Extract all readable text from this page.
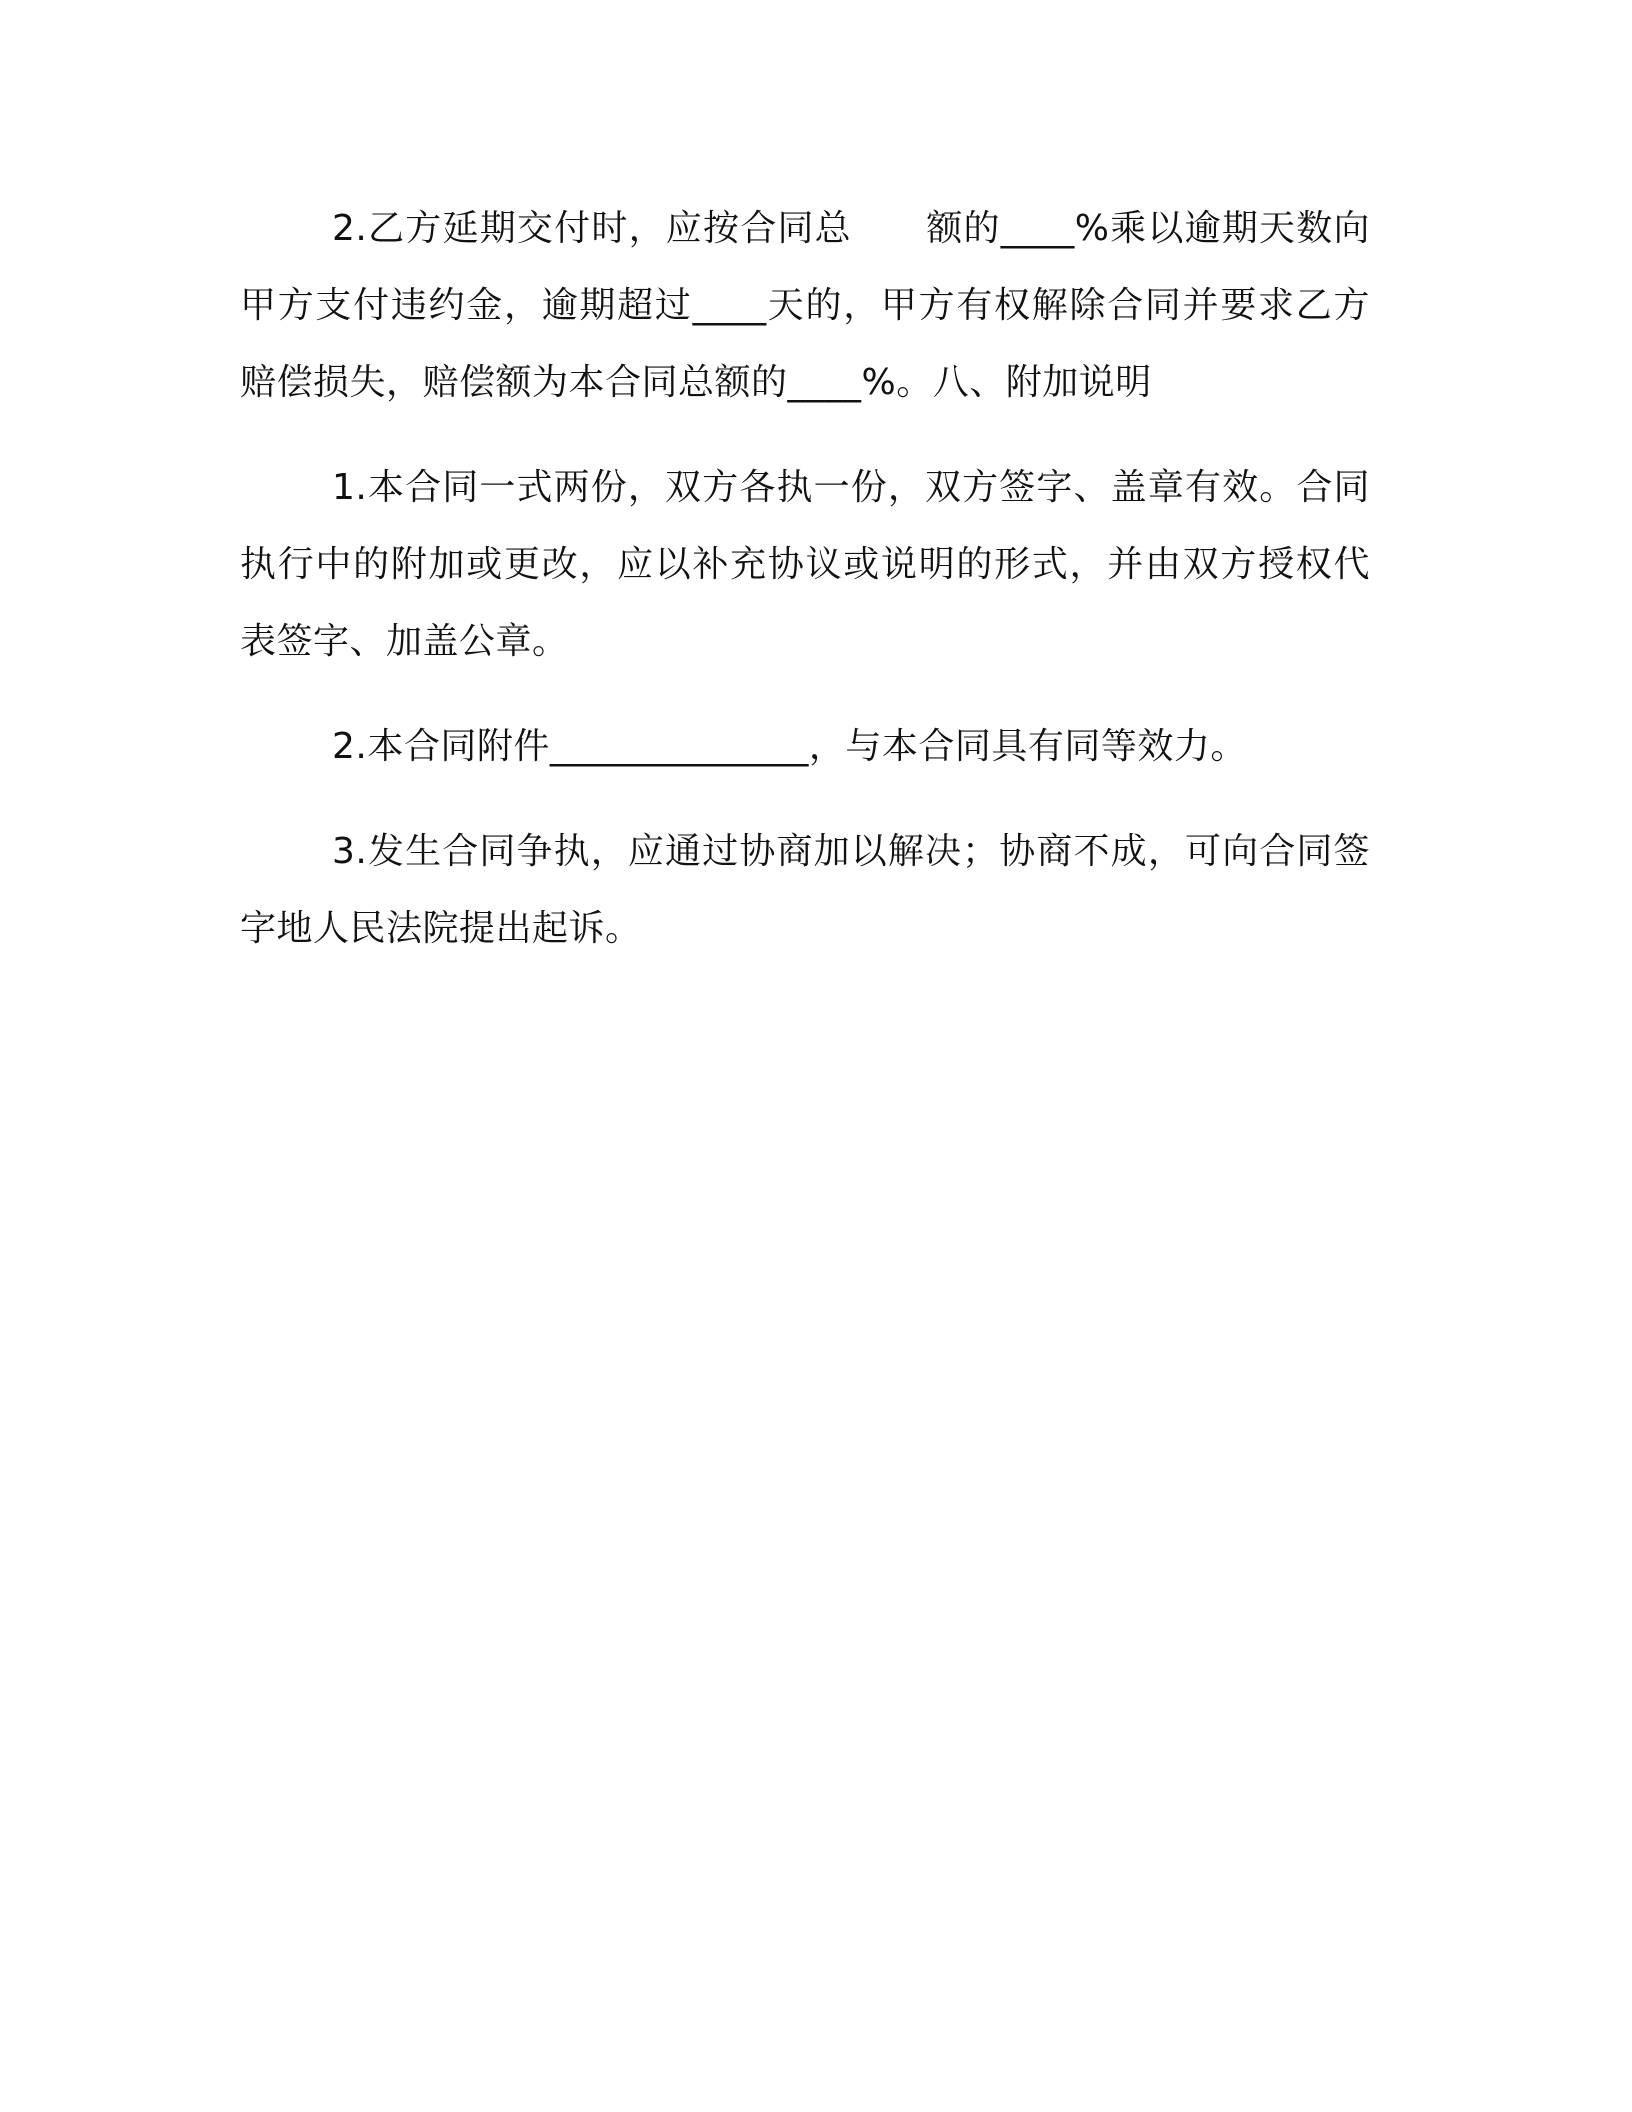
2.乙方延期交付时，应按合同总　　额的____%乘以逾期天数向甲方支付违约金，逾期超过____天的，甲方有权解除合同并要求乙方赔偿损失，赔偿额为本合同总额的____%。八、附加说明

1.本合同一式两份，双方各执一份，双方签字、盖章有效。合同执行中的附加或更改，应以补充协议或说明的形式，并由双方授权代表签字、加盖公章。

2.本合同附件______________，与本合同具有同等效力。

3.发生合同争执，应通过协商加以解决；协商不成，可向合同签字地人民法院提出起诉。
